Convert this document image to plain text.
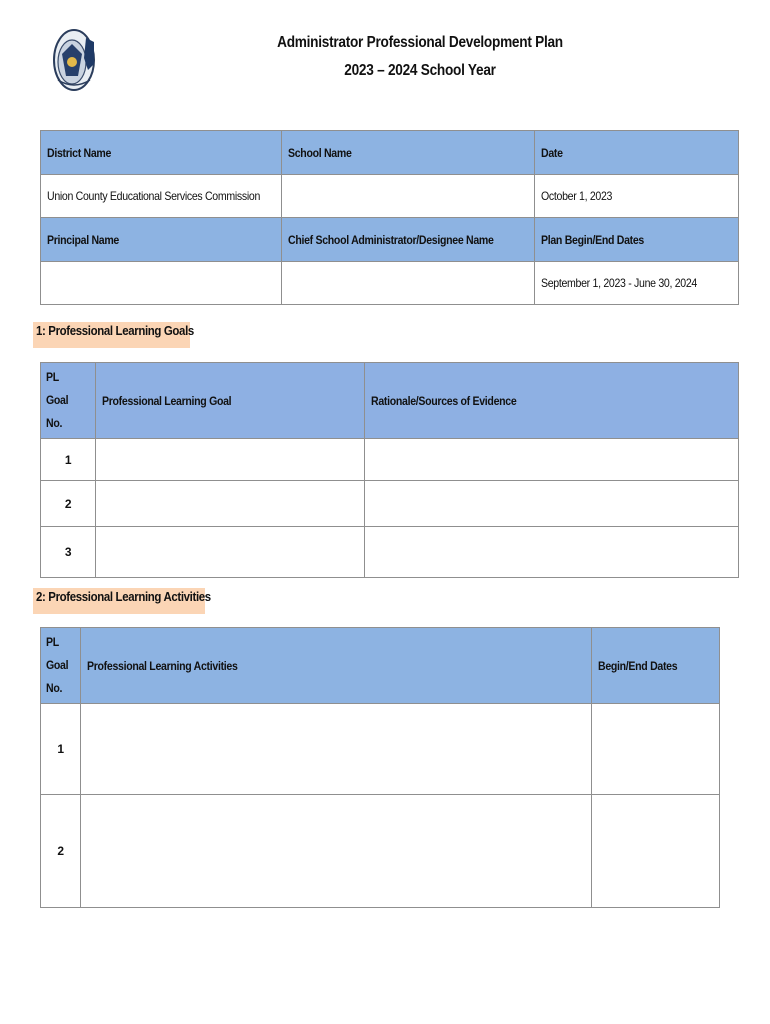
Administrator Professional Development Plan
2023 – 2024 School Year
District Name	School Name	Date
Union County Educational Services Commission		October 1, 2023
Principal Name	Chief School Administrator/Designee Name	Plan Begin/End Dates
		September 1, 2023 - June 30, 2024
1: Professional Learning Goals
PL
Goal
No.	Professional Learning Goal	Rationale/Sources of Evidence
1		
2		
3		
2: Professional Learning Activities
PL
Goal
No.	Professional Learning Activities	Begin/End Dates
1		
2		
